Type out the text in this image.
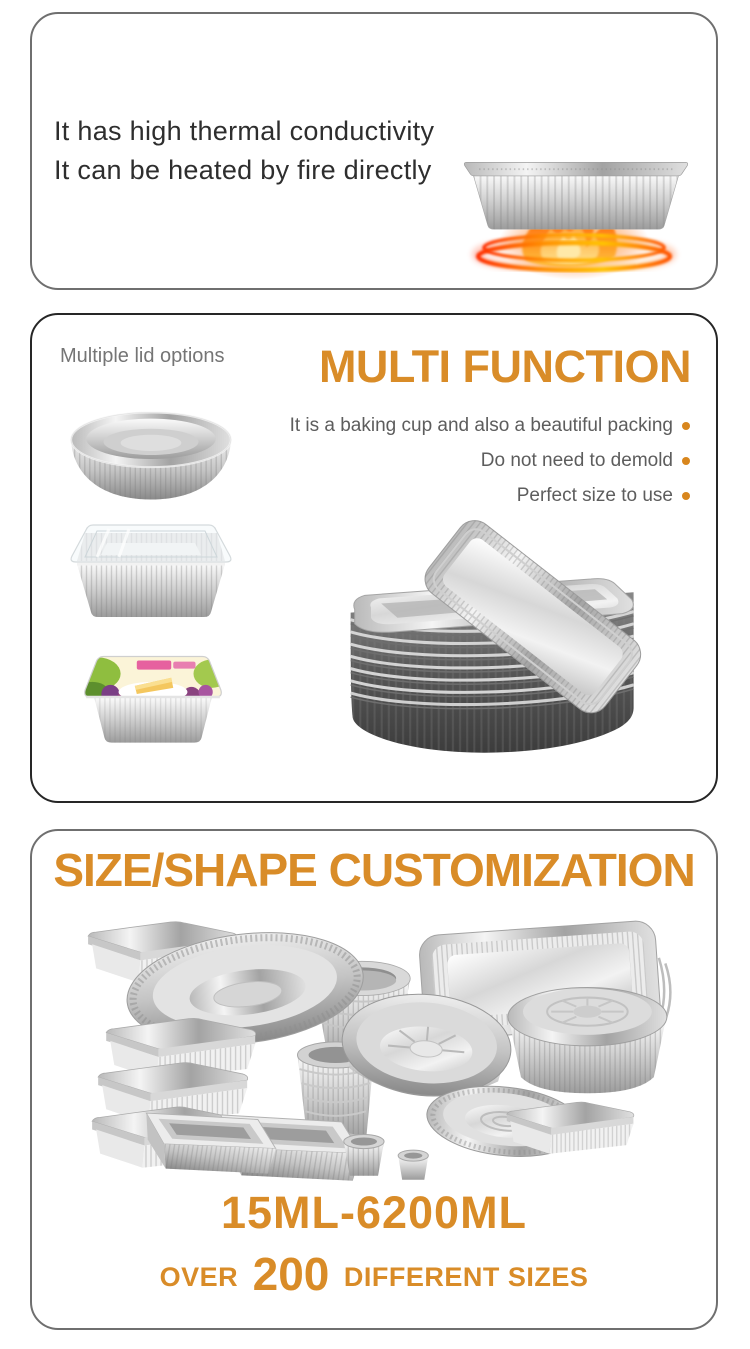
It has high thermal conductivity
It can be heated by fire directly
Multiple lid options	MULTI FUNCTION
It is a baking cup and also a beautiful packing
Do not need to demold
Perfect size to use
SIZE/SHAPE CUSTOMIZATION
15ML-6200ML
OVER 200 DIFFERENT SIZES
